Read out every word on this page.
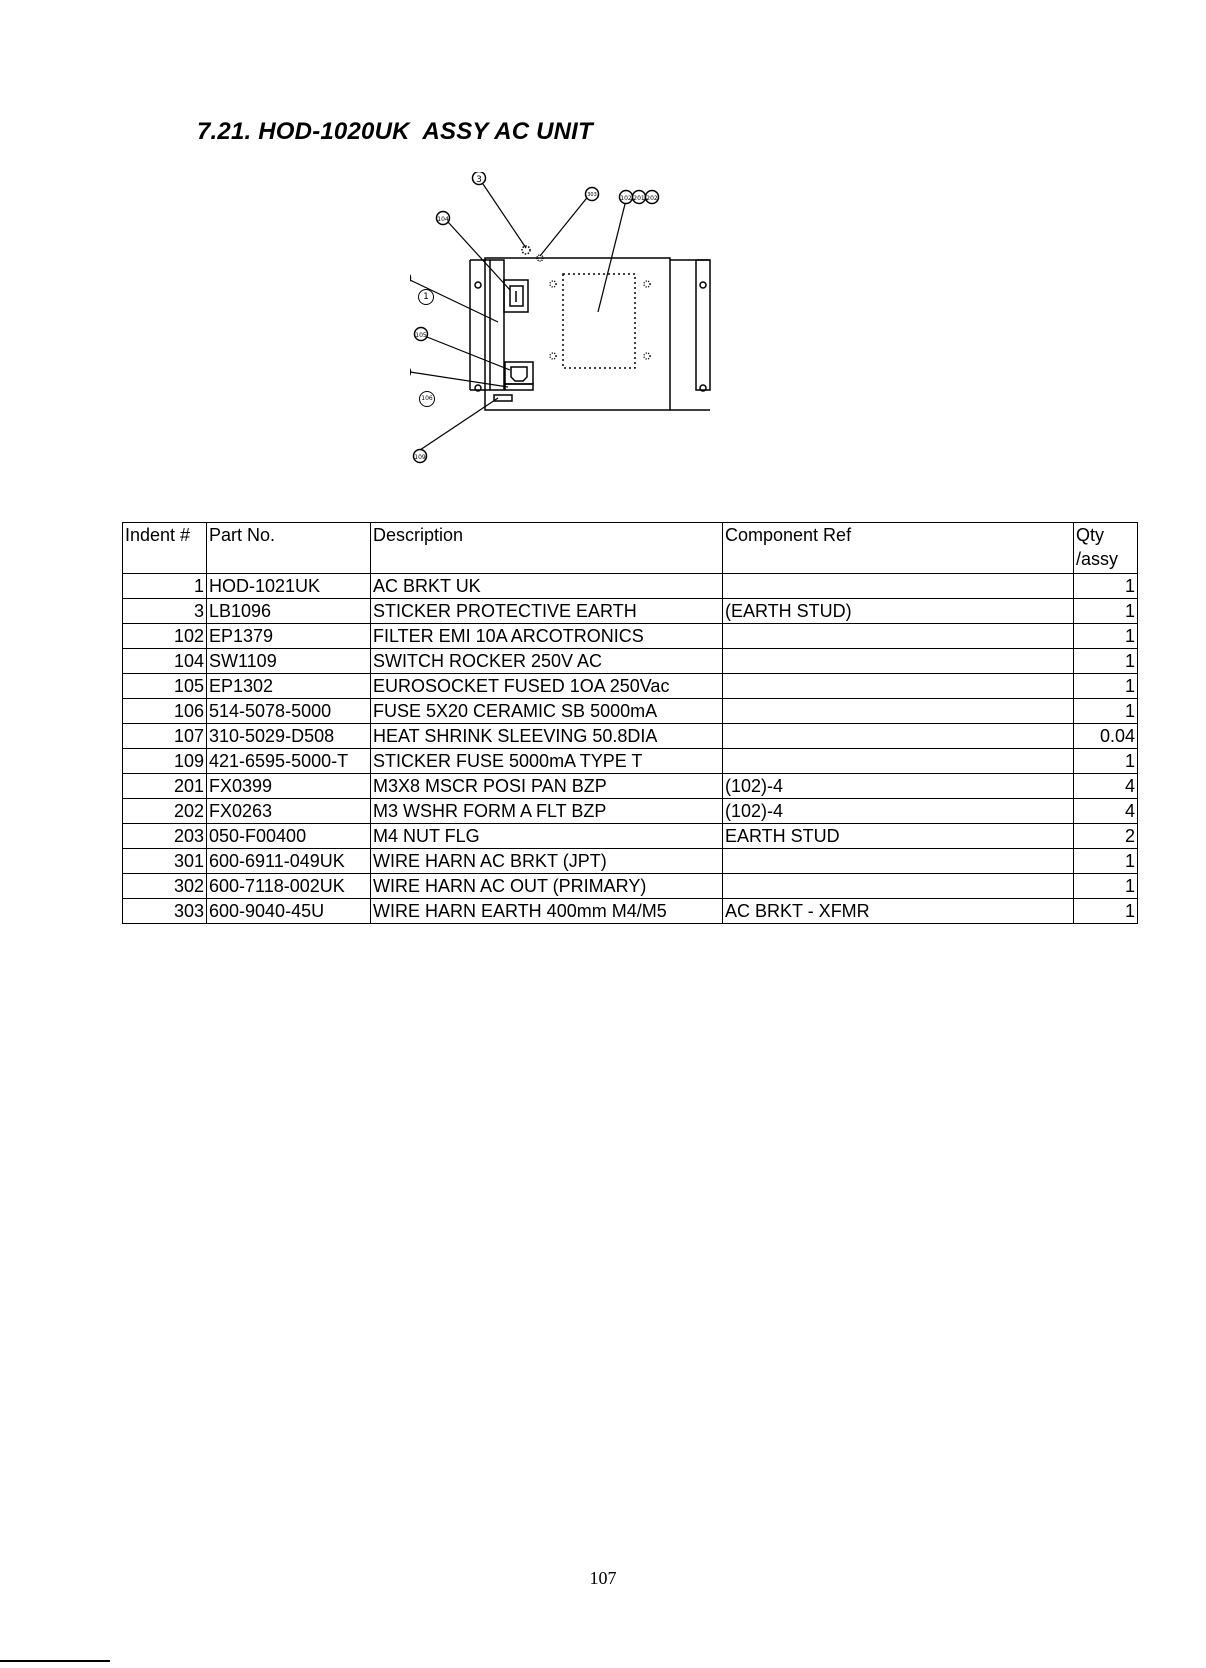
7.21. HOD-1020UK  ASSY AC UNIT
3
303	102 201 202
104
105
109
1
106
Indent #	Part No.	Description	Component Ref	Qty
/assy
1	HOD-1021UK	AC BRKT UK		1
3	LB1096	STICKER PROTECTIVE EARTH	(EARTH STUD)	1
102	EP1379	FILTER EMI 10A ARCOTRONICS		1
104	SW1109	SWITCH ROCKER 250V AC		1
105	EP1302	EUROSOCKET FUSED 1OA 250Vac		1
106	514-5078-5000	FUSE 5X20 CERAMIC SB 5000mA		1
107	310-5029-D508	HEAT SHRINK SLEEVING 50.8DIA		0.04
109	421-6595-5000-T	STICKER FUSE 5000mA TYPE T		1
201	FX0399	M3X8 MSCR POSI PAN BZP	(102)-4	4
202	FX0263	M3 WSHR FORM A FLT BZP	(102)-4	4
203	050-F00400	M4 NUT FLG	EARTH STUD	2
301	600-6911-049UK	WIRE HARN AC BRKT (JPT)		1
302	600-7118-002UK	WIRE HARN AC OUT (PRIMARY)		1
303	600-9040-45U	WIRE HARN EARTH 400mm M4/M5	AC BRKT - XFMR	1
107
